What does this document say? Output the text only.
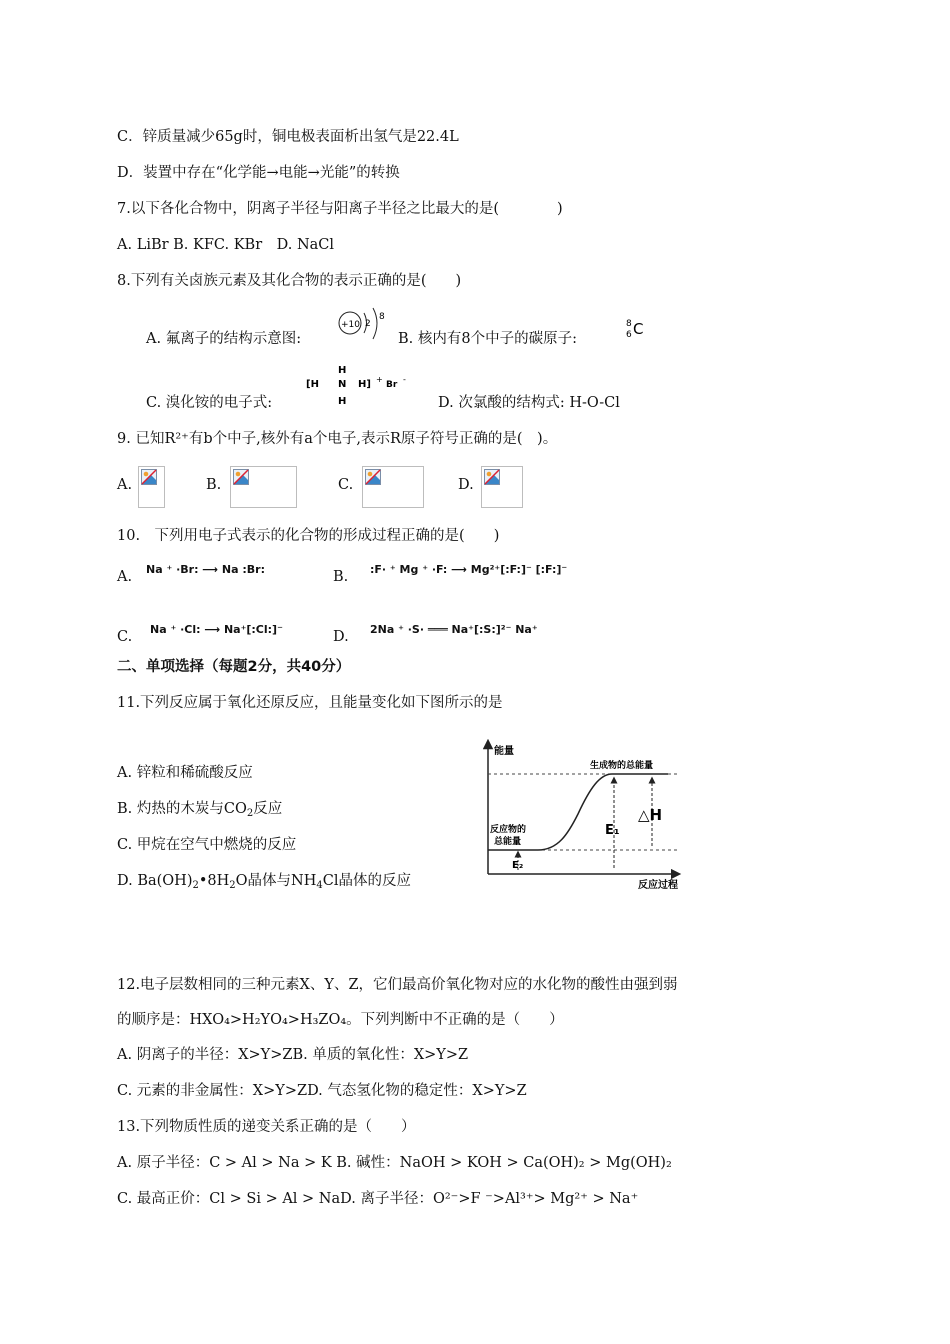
C．锌质量减少65g时，铜电极表面析出氢气是22.4L
D．装置中存在“化学能→电能→光能”的转换
7.以下各化合物中，阴离子半径与阳离子半径之比最大的是(　　　　)
A. LiBr B. KFC. KBr　D. NaCl
8.下列有关卤族元素及其化合物的表示正确的是(　　)
A. 氟离子的结构示意图:
+10 2
8
B. 核内有8个中子的碳原子:
8
6 C
H
[H N H] +
Br
-
H
C. 溴化铵的电子式:	D. 次氯酸的结构式: H-O-Cl
9. 已知R²⁺有b个中子,核外有a个电子,表示R原子符号正确的是(　)。
A.	B.	C.	D.
10.　下列用电子式表示的化合物的形成过程正确的是(　　)
A. Na ⁺ ·Br: ⟶ Na :Br:	B. :F· ⁺ Mg ⁺ ·F: ⟶ Mg²⁺[:F:]⁻ [:F:]⁻
C. Na ⁺ ·Cl: ⟶ Na⁺[:Cl:]⁻	D. 2Na ⁺ ·S· ═══ Na⁺[:S:]²⁻ Na⁺
二、单项选择（每题2分，共40分）
11.下列反应属于氧化还原反应，且能量变化如下图所示的是
A. 锌粒和稀硫酸反应
B. 灼热的木炭与$CO_2$反应
C. 甲烷在空气中燃烧的反应
D. $Ba(OH)_2•8H_2O$晶体与$NH_4Cl$晶体的反应
能量
反应过程
生成物的总能量
反应物的
总能量
E₁
△H
E₂
12.电子层数相同的三种元素X、Y、Z，它们最高价氧化物对应的水化物的酸性由强到弱
的顺序是：HXO₄>H₂YO₄>H₃ZO₄。下列判断中不正确的是（　　）
A. 阴离子的半径：X>Y>ZB. 单质的氧化性：X>Y>Z
C. 元素的非金属性：X>Y>ZD. 气态氢化物的稳定性：X>Y>Z
13.下列物质性质的递变关系正确的是（　　）
A. 原子半径：C > Al > Na > K B. 碱性：NaOH > KOH > Ca(OH)₂ > Mg(OH)₂
C. 最高正价：Cl > Si > Al > NaD. 离子半径：O²⁻>F ⁻>Al³⁺> Mg²⁺ > Na⁺
